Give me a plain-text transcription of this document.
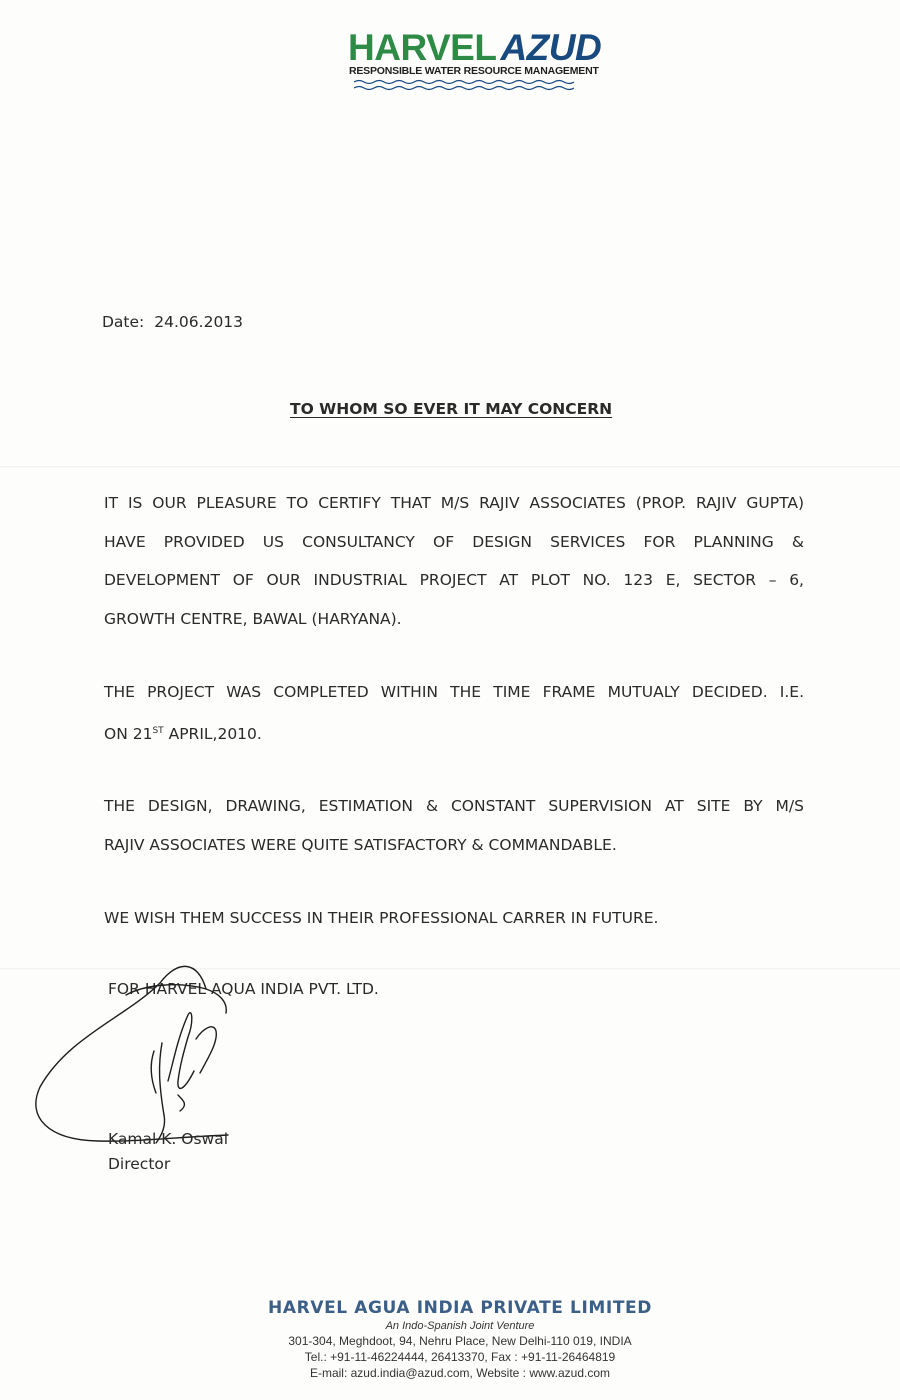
HARVEL AZUD
RESPONSIBLE WATER RESOURCE MANAGEMENT
Date: 24.06.2013
TO WHOM SO EVER IT MAY CONCERN
IT IS OUR PLEASURE TO CERTIFY THAT M/S RAJIV ASSOCIATES (PROP. RAJIV GUPTA)
HAVE PROVIDED US CONSULTANCY OF DESIGN SERVICES FOR PLANNING &
DEVELOPMENT OF OUR INDUSTRIAL PROJECT AT PLOT NO. 123 E, SECTOR – 6,
GROWTH CENTRE, BAWAL (HARYANA).
THE PROJECT WAS COMPLETED WITHIN THE TIME FRAME MUTUALY DECIDED. I.E.
ON 21ST APRIL,2010.
THE DESIGN, DRAWING, ESTIMATION & CONSTANT SUPERVISION AT SITE BY M/S
RAJIV ASSOCIATES WERE QUITE SATISFACTORY & COMMANDABLE.
WE WISH THEM SUCCESS IN THEIR PROFESSIONAL CARRER IN FUTURE.
FOR HARVEL AQUA INDIA PVT. LTD.
Kamal K. Oswal
Director
HARVEL AGUA INDIA PRIVATE LIMITED
An Indo-Spanish Joint Venture
301-304, Meghdoot, 94, Nehru Place, New Delhi-110 019, INDIA
Tel.: +91-11-46224444, 26413370, Fax : +91-11-26464819
E-mail: azud.india@azud.com, Website : www.azud.com
